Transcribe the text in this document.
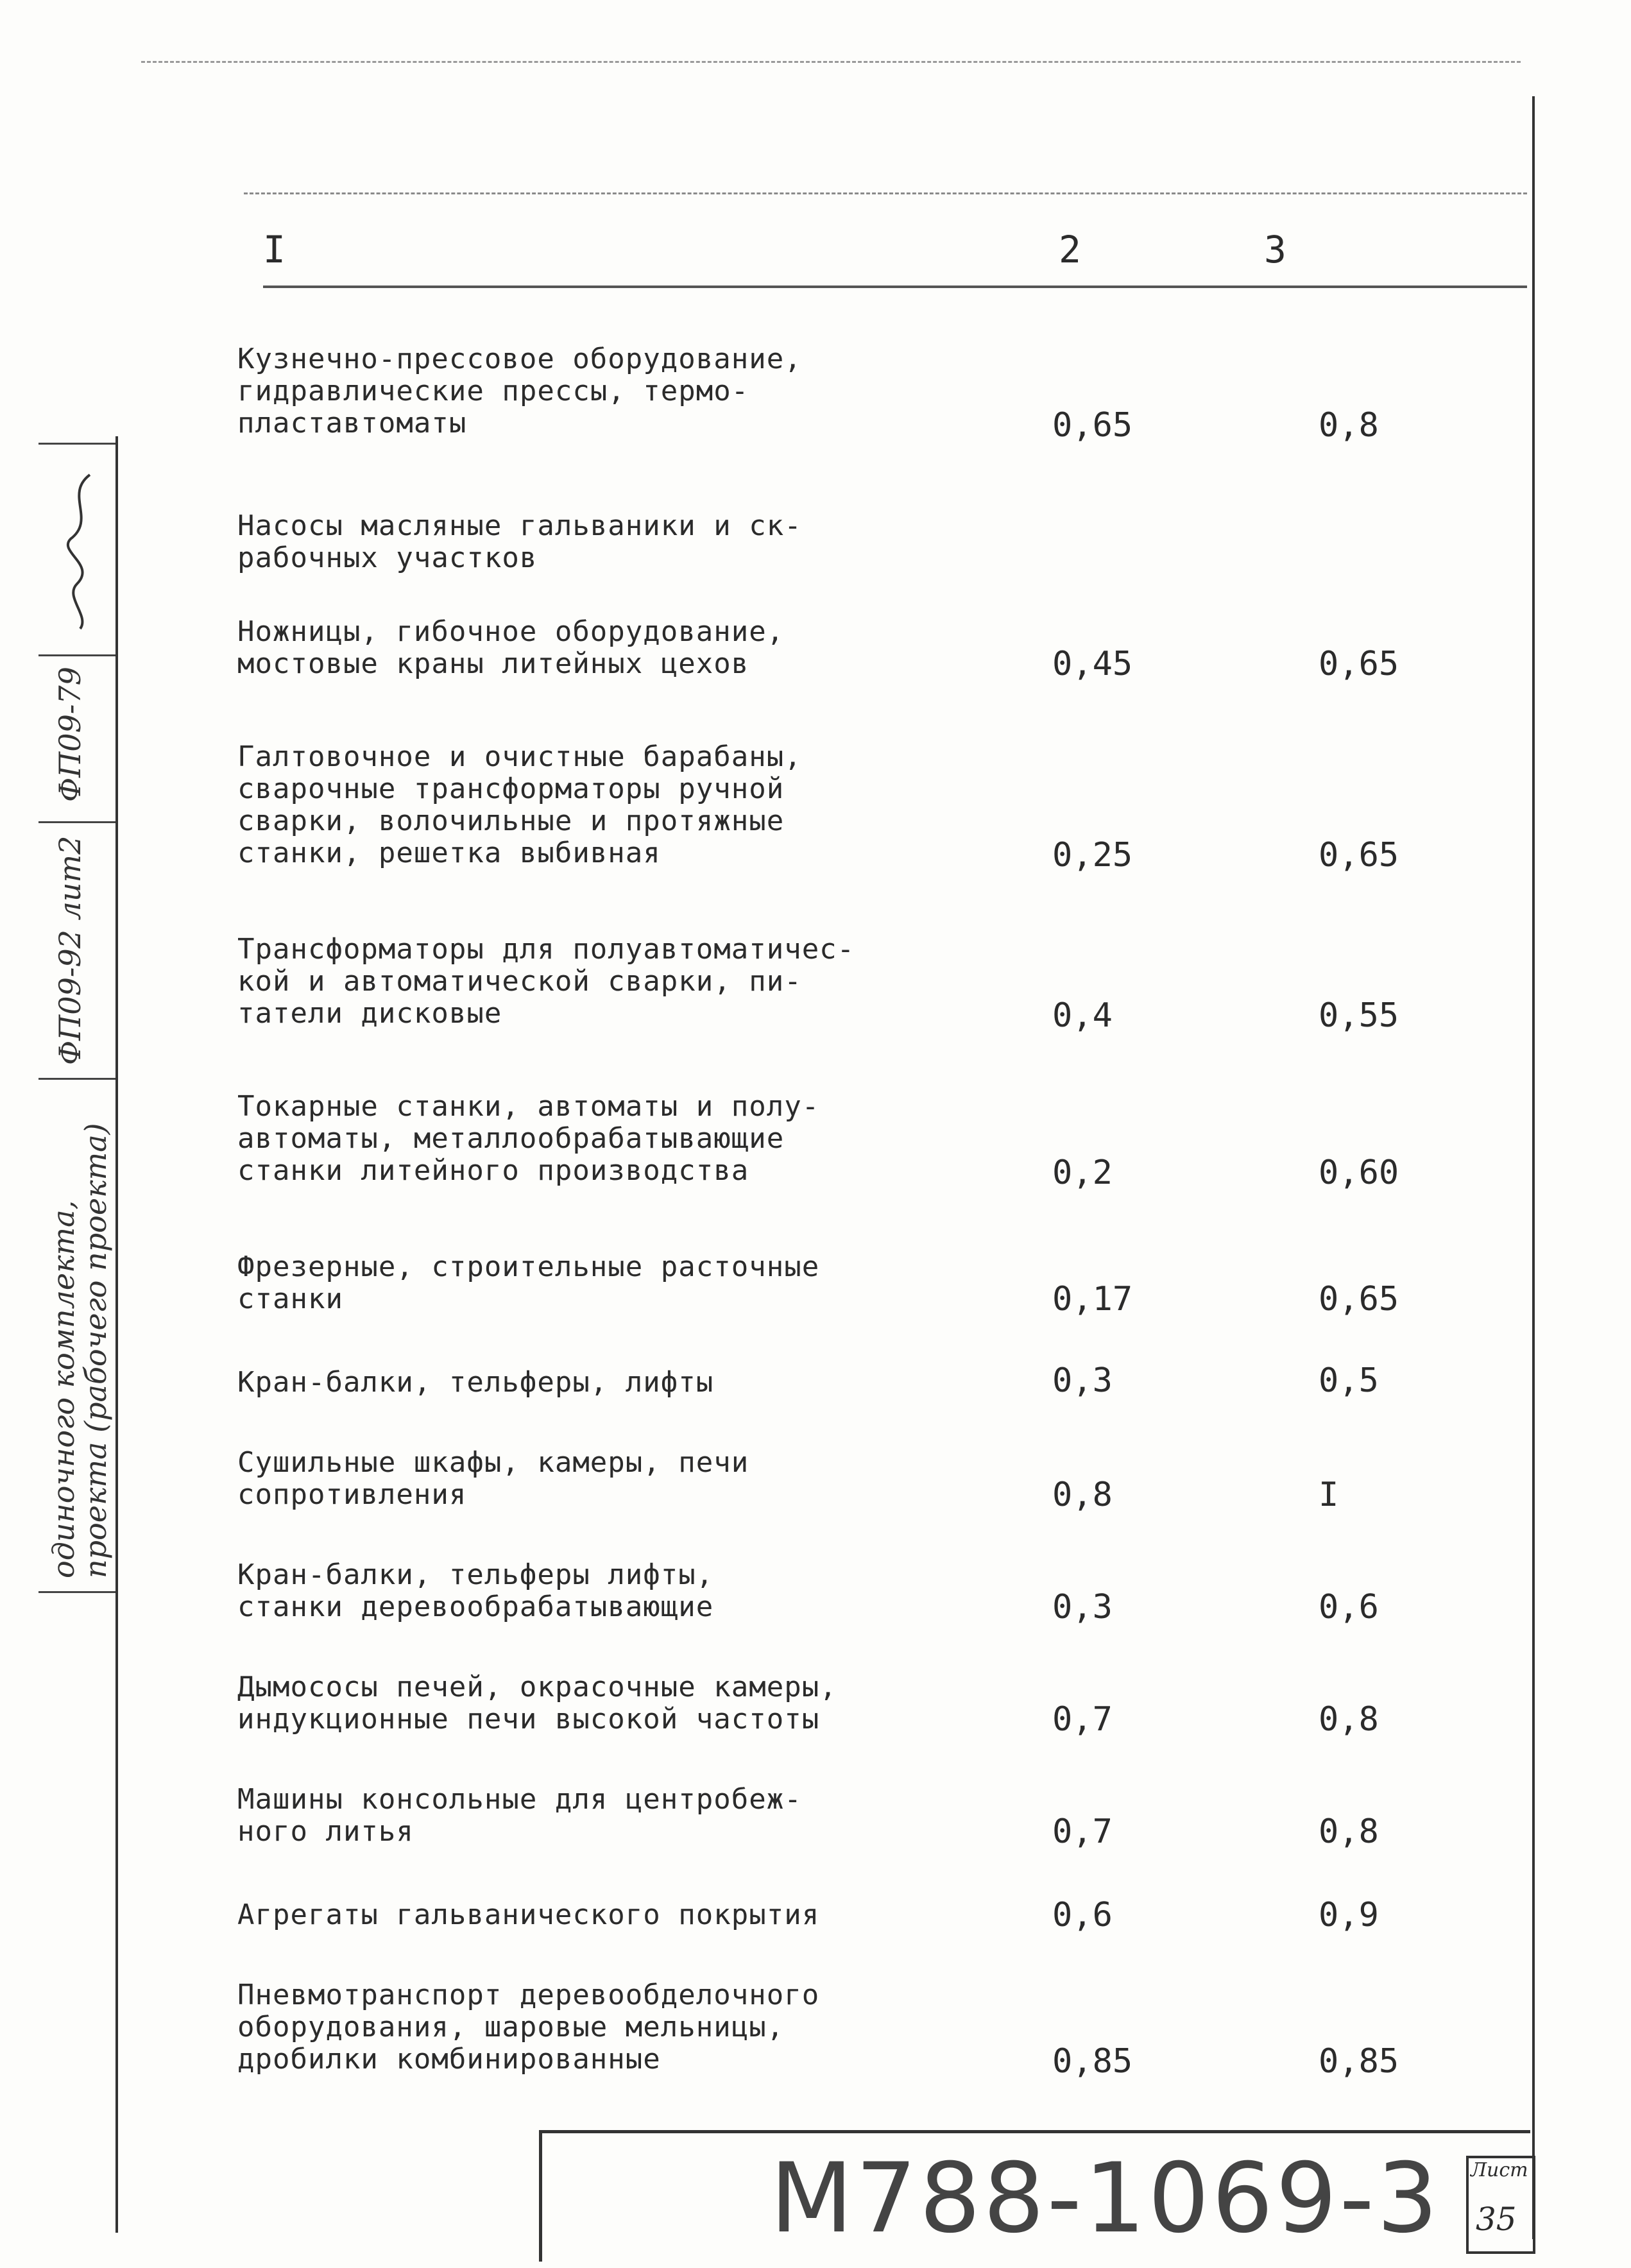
ФП09-79
ФП09-92 лит2
одиночного комплекта,
проекта (рабочего проекта)
I	2	3
Кузнечно-прессовое оборудование,
гидравлические прессы, термо-
пластавтоматы	0,65	0,8
Насосы масляные гальваники и ск-
рабочных участков
Ножницы, гибочное оборудование,
мостовые краны литейных цехов	0,45	0,65
Галтовочное и очистные барабаны,
сварочные трансформаторы ручной
сварки, волочильные и протяжные
станки, решетка выбивная	0,25	0,65
Трансформаторы для полуавтоматичес-
кой и автоматической сварки, пи-
татели дисковые	0,4	0,55
Токарные станки, автоматы и полу-
автоматы, металлообрабатывающие
станки литейного производства	0,2	0,60
Фрезерные, строительные расточные
станки	0,17	0,65
Кран-балки, тельферы, лифты	0,3	0,5
Сушильные шкафы, камеры, печи
сопротивления	0,8	I
Кран-балки, тельферы лифты,
станки деревообрабатывающие	0,3	0,6
Дымососы печей, окрасочные камеры,
индукционные печи высокой частоты	0,7	0,8
Машины консольные для центробеж-
ного литья	0,7	0,8
Агрегаты гальванического покрытия	0,6	0,9
Пневмотранспорт деревообделочного
оборудования, шаровые мельницы,
дробилки комбинированные	0,85	0,85
М788-1069-3 Лист
35
